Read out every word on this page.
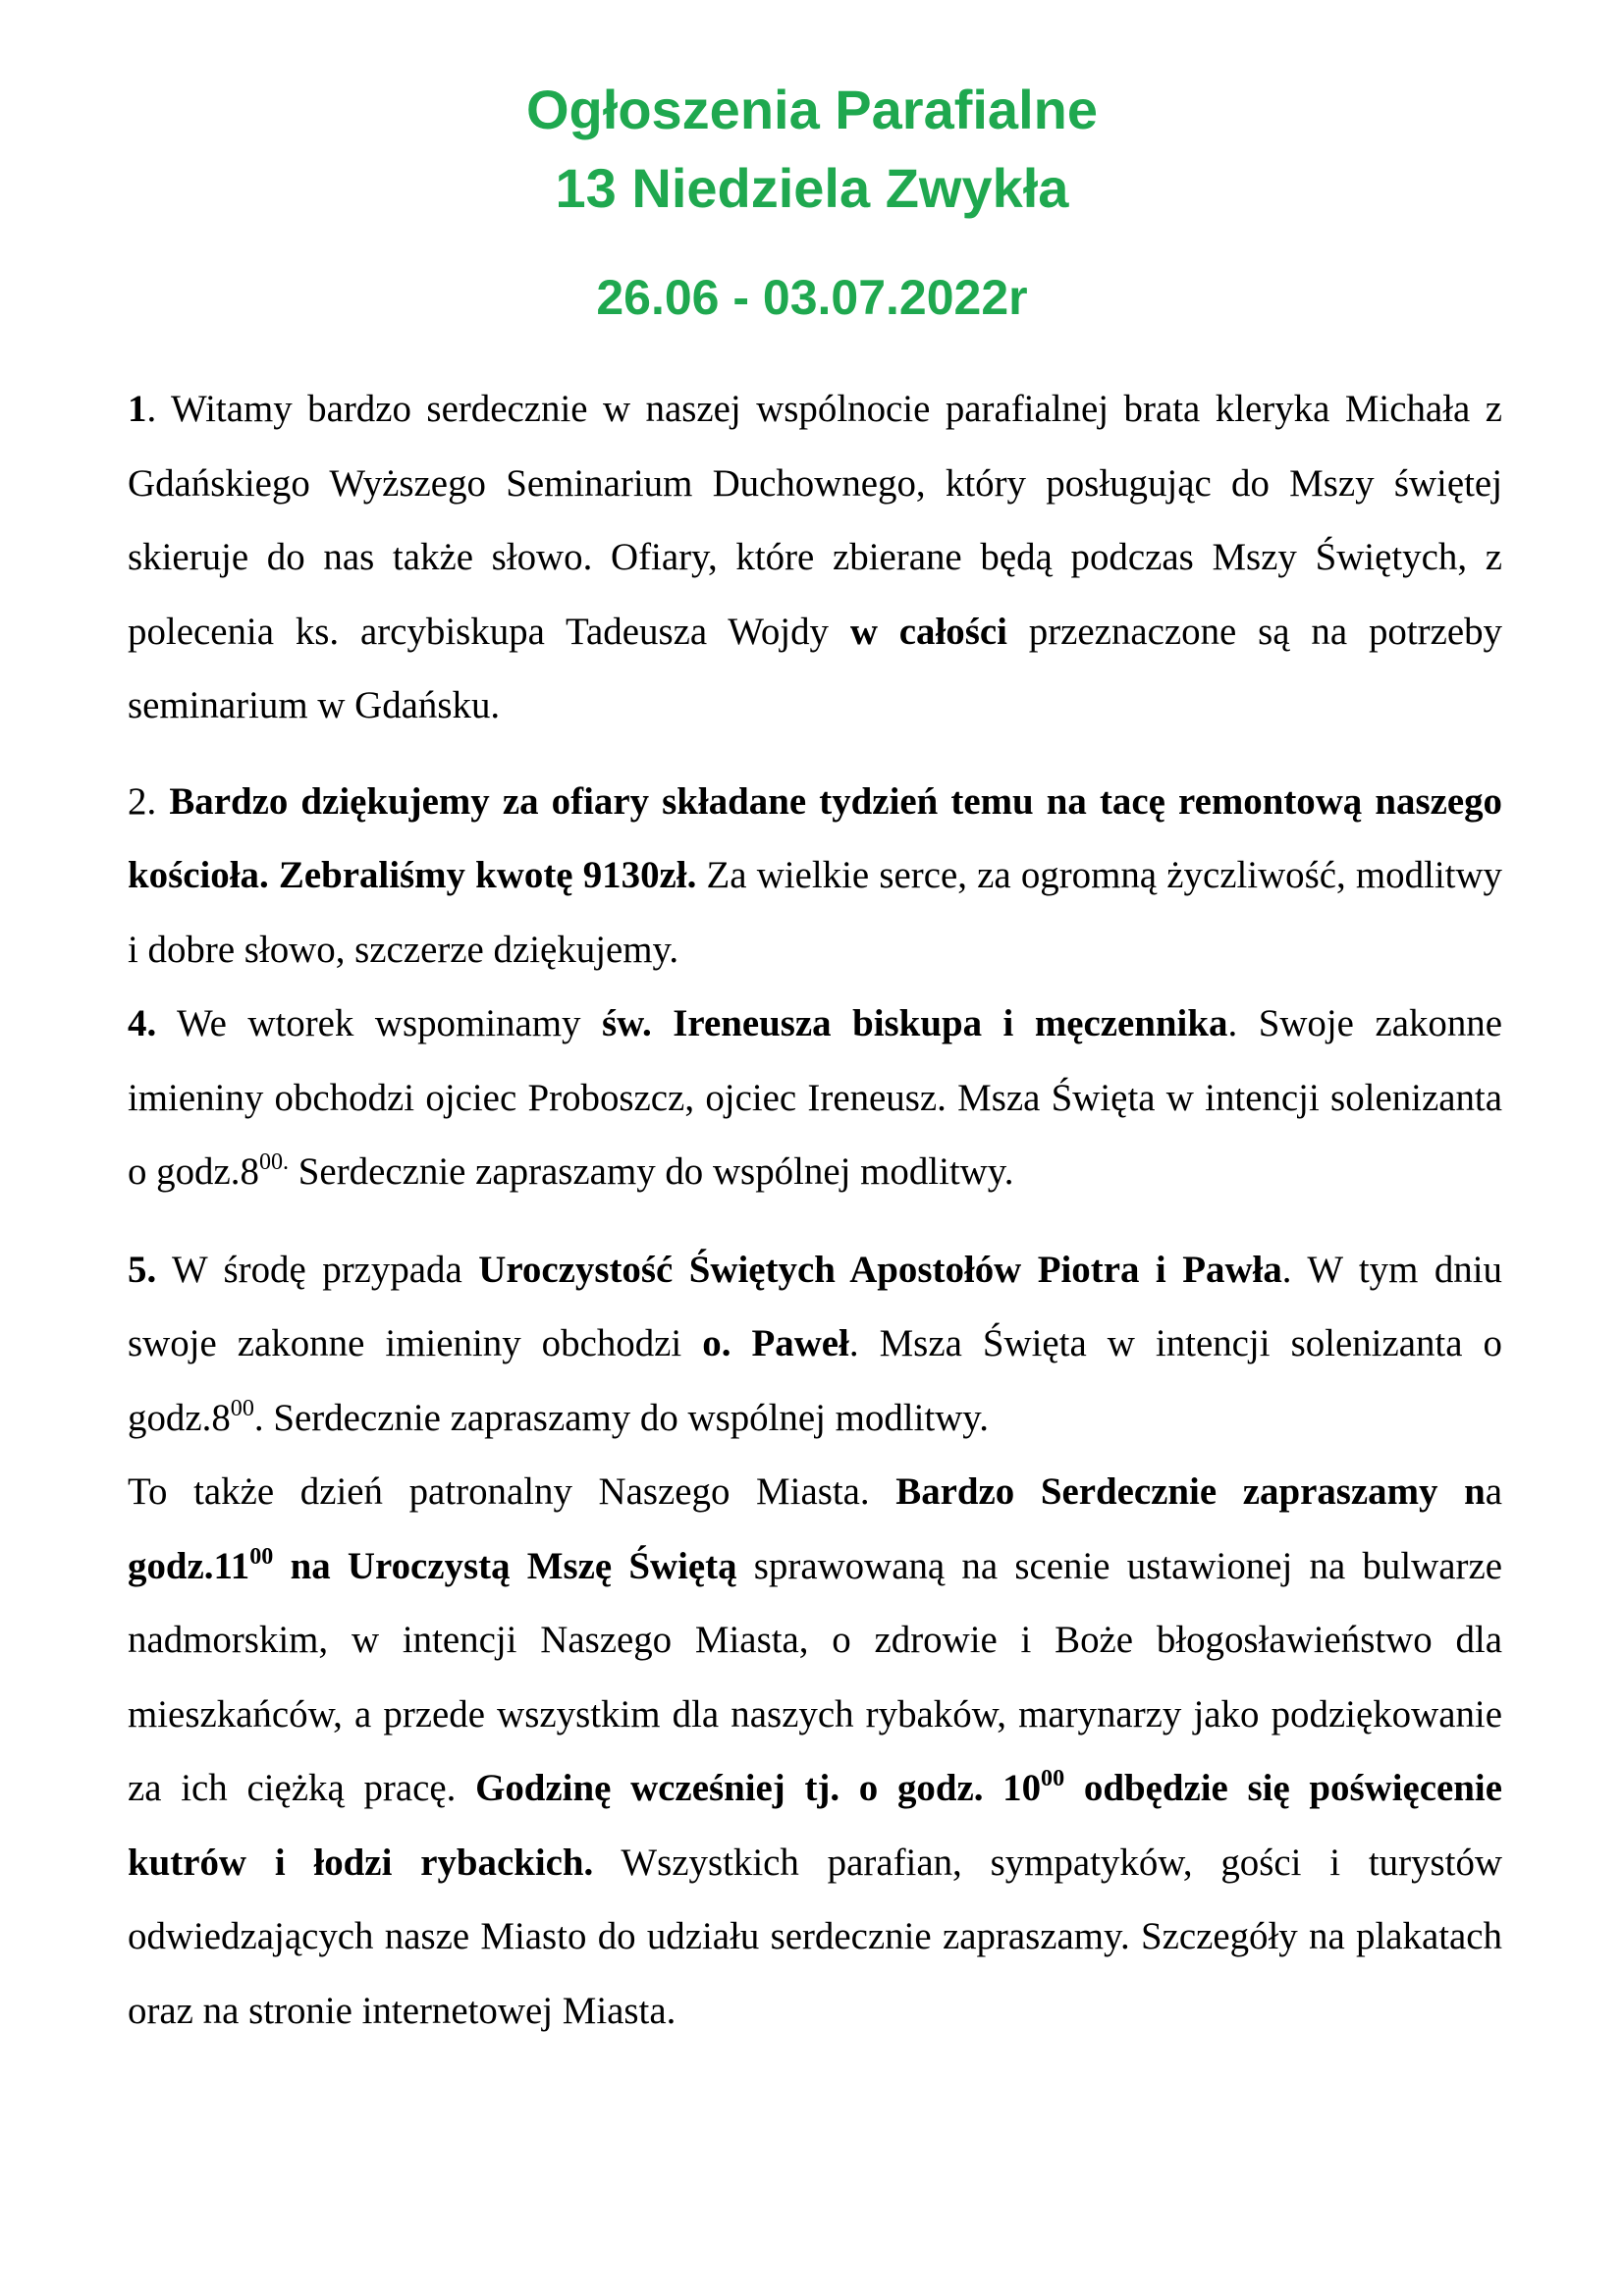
Ogłoszenia Parafialne
13 Niedziela Zwykła
26.06 - 03.07.2022r

1. Witamy bardzo serdecznie w naszej wspólnocie parafialnej brata kleryka Michała z Gdańskiego Wyższego Seminarium Duchownego, który posługując do Mszy świętej skieruje do nas także słowo. Ofiary, które zbierane będą podczas Mszy Świętych, z polecenia ks. arcybiskupa Tadeusza Wojdy w całości przeznaczone są na potrzeby seminarium w Gdańsku.

2. Bardzo dziękujemy za ofiary składane tydzień temu na tacę remontową naszego kościoła. Zebraliśmy kwotę 9130zł. Za wielkie serce, za ogromną życzliwość, modlitwy i dobre słowo, szczerze dziękujemy.

4. We wtorek wspominamy św. Ireneusza biskupa i męczennika. Swoje zakonne imieniny obchodzi ojciec Proboszcz, ojciec Ireneusz. Msza Święta w intencji solenizanta o $godz.8^{00.}$ Serdecznie zapraszamy do wspólnej modlitwy.

5. W środę przypada Uroczystość Świętych Apostołów Piotra i Pawła. W tym dniu swoje zakonne imieniny obchodzi o. Paweł. Msza Święta w intencji solenizanta o $godz.8^{00}$. Serdecznie zapraszamy do wspólnej modlitwy.

To także dzień patronalny Naszego Miasta. Bardzo Serdecznie zapraszamy na $godz.11^{00}$ na Uroczystą Mszę Świętą sprawowaną na scenie ustawionej na bulwarze nadmorskim, w intencji Naszego Miasta, o zdrowie i Boże błogosławieństwo dla mieszkańców, a przede wszystkim dla naszych rybaków, marynarzy jako podziękowanie za ich ciężką pracę. Godzinę wcześniej tj. o godz. $10^{00}$ odbędzie się poświęcenie kutrów i łodzi rybackich. Wszystkich parafian, sympatyków, gości i turystów odwiedzających nasze Miasto do udziału serdecznie zapraszamy. Szczegóły na plakatach oraz na stronie internetowej Miasta.
